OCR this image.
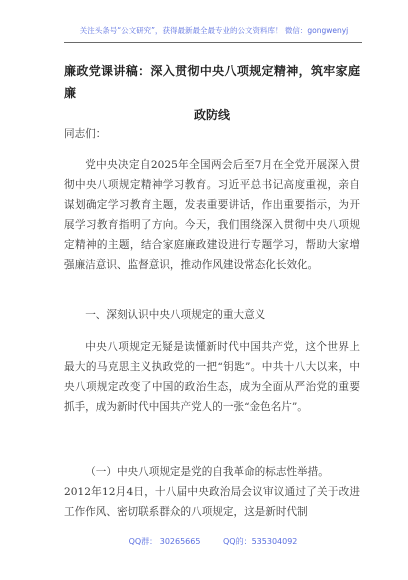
关注头条号“公文研究”，获得最新最全最专业的公文资料库！ 微信：gongwenyj
廉政党课讲稿：深入贯彻中央八项规定精神，筑牢家庭廉
政防线
同志们：
党中央决定自2025年全国两会后至7月在全党开展深入贯彻中央八项规定精神学习教育。习近平总书记高度重视，亲自谋划确定学习教育主题，发表重要讲话，作出重要指示，为开展学习教育指明了方向。今天，我们围绕深入贯彻中央八项规定精神的主题，结合家庭廉政建设进行专题学习，帮助大家增强廉洁意识、监督意识，推动作风建设常态化长效化。
一、深刻认识中央八项规定的重大意义
中央八项规定无疑是读懂新时代中国共产党，这个世界上最大的马克思主义执政党的一把“钥匙”。中共十八大以来，中央八项规定改变了中国的政治生态，成为全面从严治党的重要抓手，成为新时代中国共产党人的一张“金色名片”。
（一）中央八项规定是党的自我革命的标志性举措。
2012年12月4日，十八届中央政治局会议审议通过了关于改进工作作风、密切联系群众的八项规定，这是新时代制
QQ群： 30265665	QQ的：535304092
